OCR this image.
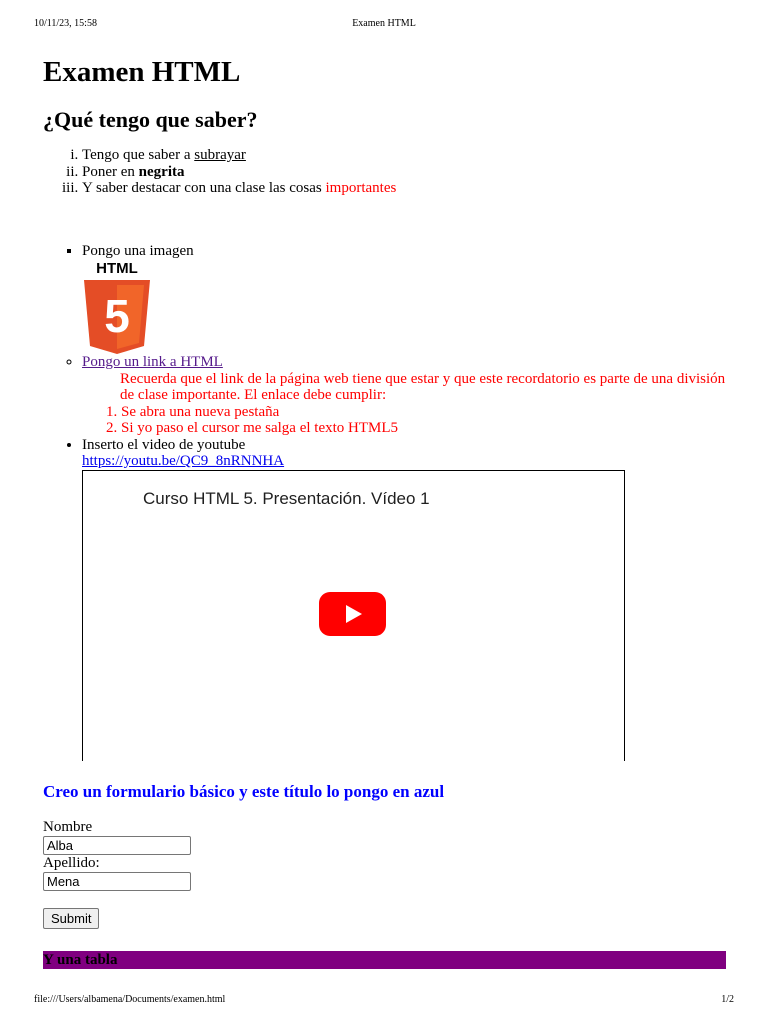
10/11/23, 15:58	Examen HTML
Examen HTML
¿Qué tengo que saber?
i. Tengo que saber a subrayar
ii. Poner en negrita
iii. Y saber destacar con una clase las cosas importantes
▪ Pongo una imagen
HTML
5
◦ Pongo un link a HTML
Recuerda que el link de la página web tiene que estar y que este recordatorio es parte de una división de clase importante. El enlace debe cumplir:
1. Se abra una nueva pestaña
2. Si yo paso el cursor me salga el texto HTML5
• Inserto el video de youtube
https://youtu.be/QC9_8nRNNHA
Curso HTML 5. Presentación. Vídeo 1
Creo un formulario básico y este título lo pongo en azul
Nombre
Alba
Apellido:
Mena Submit
Y una tabla
file:///Users/albamena/Documents/examen.html	1/2
